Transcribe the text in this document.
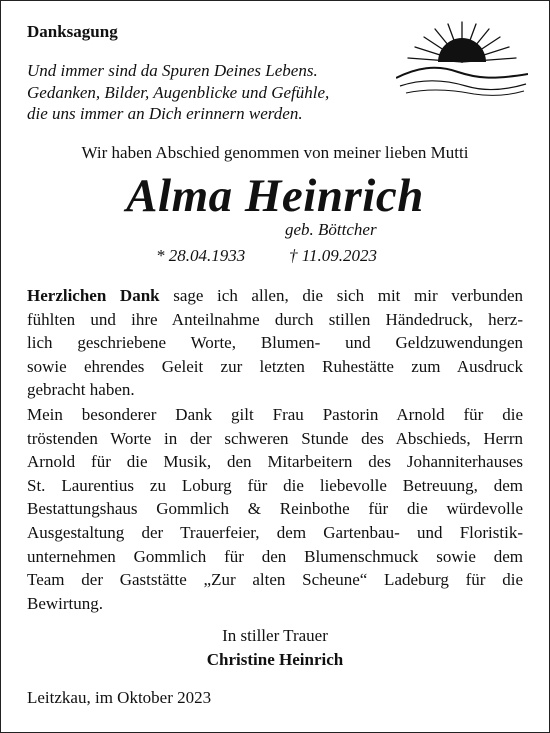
Danksagung
Und immer sind da Spuren Deines Lebens.
Gedanken, Bilder, Augenblicke und Gefühle,
die uns immer an Dich erinnern werden.
Wir haben Abschied genommen von meiner lieben Mutti
Alma Heinrich
geb. Böttcher
* 28.04.1933	† 11.09.2023
Herzlichen Dank sage ich allen, die sich mit mir verbunden
fühlten und ihre Anteilnahme durch stillen Händedruck, herz-
lich geschriebene Worte, Blumen- und Geldzuwendungen
sowie ehrendes Geleit zur letzten Ruhestätte zum Ausdruck
gebracht haben.
Mein besonderer Dank gilt Frau Pastorin Arnold für die
tröstenden Worte in der schweren Stunde des Abschieds, Herrn
Arnold für die Musik, den Mitarbeitern des Johanniterhauses
St. Laurentius zu Loburg für die liebevolle Betreuung, dem
Bestattungshaus Gommlich & Reinbothe für die würdevolle
Ausgestaltung der Trauerfeier, dem Gartenbau- und Floristik-
unternehmen Gommlich für den Blumenschmuck sowie dem
Team der Gaststätte „Zur alten Scheune“ Ladeburg für die
Bewirtung.
In stiller Trauer
Christine Heinrich
Leitzkau, im Oktober 2023
